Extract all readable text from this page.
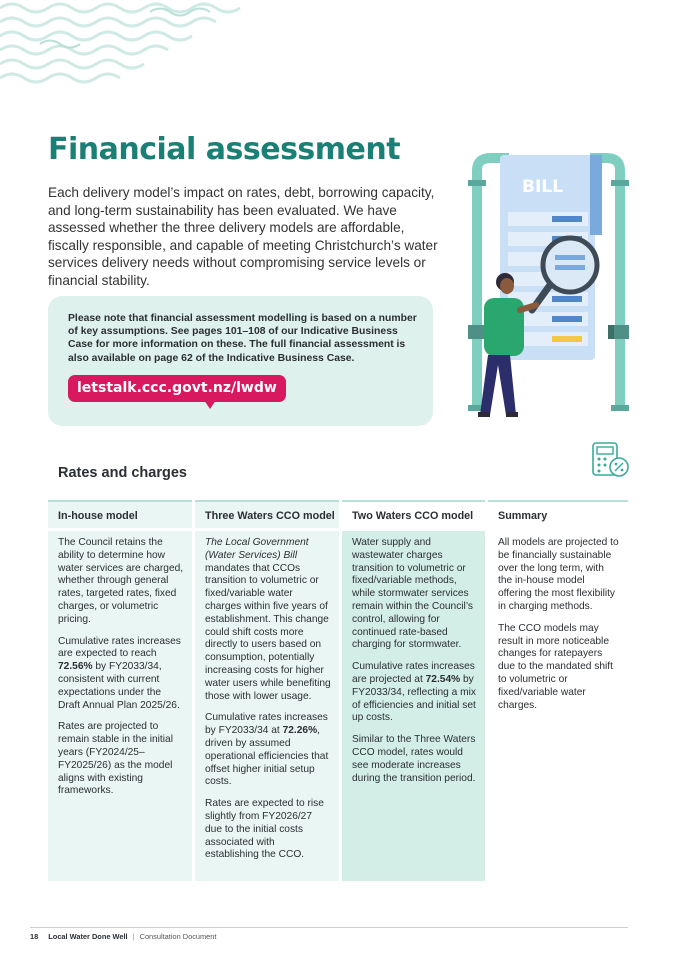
Financial assessment

Each delivery model’s impact on rates, debt, borrowing capacity, and long-term sustainability has been evaluated. We have assessed whether the three delivery models are affordable, fiscally responsible, and capable of meeting Christchurch’s water services delivery needs without compromising service levels or financial stability.

Please note that financial assessment modelling is based on a number of key assumptions. See pages 101–108 of our Indicative Business Case for more information on these. The full financial assessment is also available on page 62 of the Indicative Business Case.

letstalk.ccc.govt.nz/lwdw
BILL
Rates and charges
In-house model

The Council retains the ability to determine how water services are charged, whether through general rates, targeted rates, fixed charges, or volumetric pricing.

Cumulative rates increases are expected to reach 72.56% by FY2033/34, consistent with current expectations under the Draft Annual Plan 2025/26.

Rates are projected to remain stable in the initial years (FY2024/25–FY2025/26) as the model aligns with existing frameworks.

Three Waters CCO model

The Local Government (Water Services) Bill mandates that CCOs transition to volumetric or fixed/variable water charges within five years of establishment. This change could shift costs more directly to users based on consumption, potentially increasing costs for higher water users while benefiting those with lower usage.

Cumulative rates increases by FY2033/34 at 72.26%, driven by assumed operational efficiencies that offset higher initial setup costs.

Rates are expected to rise slightly from FY2026/27 due to the initial costs associated with establishing the CCO.

Two Waters CCO model

Water supply and wastewater charges transition to volumetric or fixed/variable methods, while stormwater services remain within the Council’s control, allowing for continued rate-based charging for stormwater.

Cumulative rates increases are projected at 72.54% by FY2033/34, reflecting a mix of efficiencies and initial set up costs.

Similar to the Three Waters CCO model, rates would see moderate increases during the transition period.

Summary

All models are projected to be financially sustainable over the long term, with the in-house model offering the most flexibility in charging methods.

The CCO models may result in more noticeable changes for ratepayers due to the mandated shift to volumetric or fixed/variable water charges.

18 Local Water Done Well | Consultation Document
